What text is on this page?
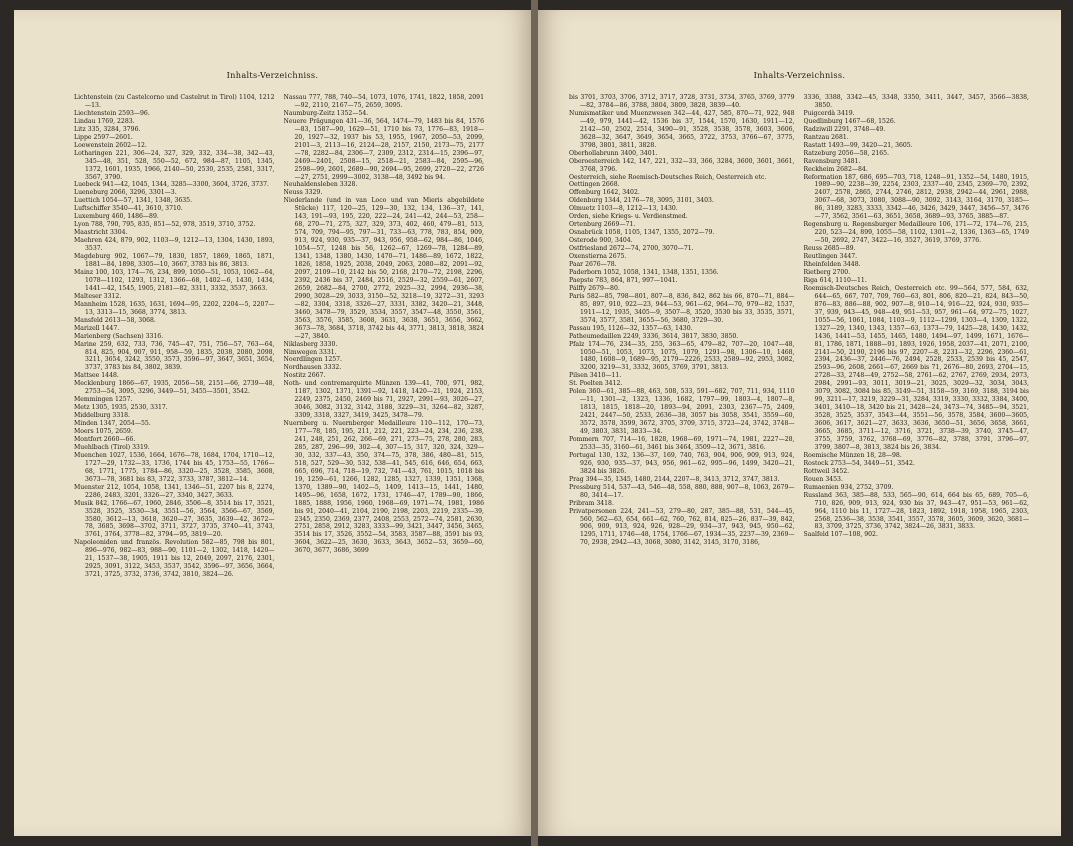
Inhalts-Verzeichniss.

Lichtenstein (zu Castelcorno und Castelrut in Tirol) 1104, 1212—13.

Liechtenstein 2593—96.

Lindau 1769, 2283.

Litz 335, 3284, 3796.

Lippe 2597—2601.

Loewenstein 2602—12.

Lotharingen 221, 306—24, 327, 329, 332, 334—38, 342—43, 345—48, 351, 528, 550—52, 672, 984—87, 1105, 1345, 1372, 1601, 1935, 1966, 2140—50, 2530, 2535, 2581, 3317, 3567, 3790.

Luebeck 941—42, 1045, 1344, 3285—3300, 3604, 3726, 3737.

Lueneburg 2066, 3296, 3301—3.

Luettich 1054—57, 1341, 1348, 3635.

Luftschiffer 3540—41, 3610, 3710.

Luxemburg 460, 1486—89.

Lyon 788, 790, 795, 835, 851—52, 978, 3519, 3710, 3752.

Maastricht 3304.

Maehren 424, 879, 902, 1103—9, 1212—13, 1304, 1430, 1893, 3537.

Magdeburg 902, 1067—79, 1830, 1857, 1869, 1865, 1871, 1881—84, 1898, 3305—10, 3667, 3783 bis 86, 3813.

Mainz 100, 103, 174—76, 234, 899, 1050—51, 1053, 1062—64, 1078—1102, 1293, 1312, 1366—68, 1402—6, 1430, 1434, 1441—42, 1545, 1905, 2181—82, 3311, 3332, 3537, 3663.

Malteser 3312.

Mannheim 1528, 1635, 1631, 1694—95, 2202, 2204—5, 2207—13, 3313—15, 3668, 3774, 3813.

Mansfeld 2613—58, 3068.

Marizell 1447.

Marienberg (Sachsen) 3316.

Marine 259, 632, 733, 736, 745—47, 751, 756—57, 763—64, 814, 825, 904, 907, 911, 958—59, 1835, 2038, 2080, 2098, 3211, 3654, 3242, 3550, 3573, 3596—97, 3647, 3651, 3654, 3737, 3783 bis 84, 3802, 3839.

Mattsee 1448.

Mecklenburg 1866—67, 1935, 2056—58, 2151—66, 2739—48, 2753—54, 3095, 3296, 3449—51, 3455—3501, 3542.

Memmingen 1257.

Metz 1305, 1935, 2530, 3317.

Middelburg 3318.

Minden 1347, 2054—55.

Moers 1075, 2659.

Montfort 2660—66.

Muehlbach (Tirol) 3319.

Muenchen 1027, 1536, 1664, 1676—78, 1684, 1704, 1710—12, 1727—29, 1732—33, 1736, 1744 bis 45, 1753—55, 1766—68, 1771, 1775, 1784—86, 3320—25, 3528, 3585, 3608, 3673—78, 3681 bis 83, 3722, 3733, 3787, 3812—14.

Muenster 212, 1054, 1058, 1341, 1346—51, 2207 bis 8, 2274, 2286, 2483, 3201, 3326—27, 3340, 3427, 3633.

Musik 842, 1766—67, 1960, 2846, 3506—8, 3514 bis 17, 3521, 3528, 3525, 3530—34, 3551—56, 3564, 3566—67, 3569, 3580, 3612—13, 3618, 3620—27, 3635, 3639—42, 3672—78, 3685, 3698—3702, 3711, 3727, 3735, 3740—41, 3743, 3761, 3764, 3778—82, 3794—95, 3819—20.

Napoleoniden und französ. Revolution 582—85, 798 bis 801, 896—976, 982—83, 988—90, 1101—2, 1302, 1418, 1420—21, 1537—38, 1905, 1911 bis 12, 2049, 2097, 2176, 2301, 2925, 3091, 3122, 3453, 3537, 3542, 3596—97, 3656, 3664, 3721, 3725, 3732, 3736, 3742, 3810, 3824—26.

Nassau 777, 788, 740—54, 1073, 1076, 1741, 1822, 1858, 2091—92, 2110, 2167—75, 2659, 3095.

Naumburg-Zeitz 1352—54.

Neuere Prägungen 431—36, 564, 1474—79, 1483 bis 84, 1576—83, 1587—90, 1629—51, 1710 bis 73, 1776—83, 1918—20, 1927—32, 1937 bis 53, 1955, 1967, 2050—53, 2099, 2101—3, 2113—16, 2124—28, 2157, 2150, 2173—75, 2177—78, 2282—84, 2306—7, 2309, 2312, 2314—15, 2396—97, 2469—2401, 2508—15, 2518—21, 2583—84, 2595—96, 2598—99, 2601, 2689—90, 2694—95, 2699, 2720—22, 2726—27, 2751, 2999—3002, 3138—48, 3492 bis 94.

Neuhaldensleben 3328.

Neuss 3329.

Niederlande (und in van Loco und van Mieris abgebildete Stücke) 117, 120—25, 129—30, 132, 134, 136—37, 141, 143, 191—93, 195, 220, 222—24, 241—42, 244—53, 258—68, 270—71, 275, 327, 329, 373, 402, 460, 479—81, 513, 574, 709, 794—95, 797—31, 733—63, 778, 783, 854, 909, 913, 924, 930, 935—37, 943, 956, 958—62, 984—86, 1046, 1054—57, 1248 bis 56, 1262—67, 1269—78, 1284—89, 1341, 1348, 1380, 1430, 1470—71, 1486—89, 1672, 1822, 1826, 1858, 1925, 2038, 2049, 2063, 2080—82, 2091—92, 2097, 2109—10, 2142 bis 50, 2168, 2170—72, 2198, 2296, 2392, 2436 bis 37, 2484, 2516, 2529—32, 2559—61, 2607, 2659, 2682—84, 2700, 2772, 2925—32, 2994, 2936—38, 2990, 3028—29, 3033, 3150—52, 3218—19, 3272—31, 3293—82, 3304, 3318, 3326—27, 3331, 3382, 3420—21, 3448, 3460, 3478—79, 3529, 3534, 3557, 3547—48, 3550, 3561, 3563, 3576, 3585, 3608, 3631, 3638, 3651, 3656, 3662, 3673—78, 3684, 3718, 3742 bis 44, 3771, 3813, 3818, 3824—27, 3840.

Niklasberg 3330.

Nimwegen 3331.

Noerdlingen 1257.

Nordhausen 3332.

Nostitz 2667.

Noth- und contremarquirte Münzen 139—41, 700, 971, 982, 1187, 1302, 1371, 1391—92, 1418, 1420—21, 1924, 2153, 2249, 2375, 2450, 2469 bis 71, 2927, 2991—93, 3026—27, 3046, 3082, 3132, 3142, 3188, 3229—31, 3264—82, 3287, 3309, 3318, 3327, 3419, 3425, 3478—79.

Nuernberg u. Nuernberger Medailleure 110—112, 170—73, 177—78, 185, 195, 211, 212, 221, 223—24, 234, 236, 238, 241, 248, 251, 262, 266—69, 271, 273—75, 278, 280, 283, 285, 287, 296—99, 302—4, 307—15, 317, 320, 324, 329—30, 332, 337—43, 350, 374—75, 378, 386, 480—81, 515, 518, 527, 529—30, 532, 538—41, 545, 616, 646, 654, 663, 665, 696, 714, 718—19, 732, 741—43, 761, 1015, 1018 bis 19, 1259—61, 1266, 1282, 1285, 1327, 1339, 1351, 1368, 1370, 1389—90, 1402—5, 1409, 1413—15, 1441, 1480, 1495—96, 1658, 1672, 1731, 1746—47, 1789—90, 1866, 1885, 1888, 1956, 1960, 1968—69, 1971—74, 1981, 1986 bis 91, 2040—41, 2104, 2190, 2198, 2203, 2219, 2335—39, 2345, 2350, 2369, 2377, 2408, 2553, 2572—74, 2581, 2630, 2751, 2858, 2912, 3283, 3333—99, 3421, 3447, 3456, 3465, 3514 bis 17, 3526, 3552—54, 3583, 3587—88, 3591 bis 93, 3604, 3622—25, 3630, 3633, 3643, 3652—53, 3659—60, 3670, 3677, 3686, 3699

Inhalts-Verzeichniss.

bis 3701, 3703, 3706, 3712, 3717, 3728, 3731, 3734, 3765, 3769, 3779—82, 3784—86, 3788, 3804, 3809, 3828, 3839—40.

Numismatiker und Muenzwesen 342—44, 427, 585, 870—71, 922, 948—49, 979, 1441—42, 1536 bis 37, 1544, 1570, 1630, 1911—12, 2142—50, 2502, 2514, 3490—91, 3528, 3538, 3578, 3603, 3606, 3628—32, 3647, 3649, 3654, 3665, 3722, 3753, 3766—67, 3775, 3798, 3801, 3811, 3828.

Oberhollabrunn 3400, 3401.

Oberoesterreich 142, 147, 221, 332—33, 366, 3284, 3600, 3601, 3661, 3768, 3796.

Oesterreich, siehe Roemisch-Deutsches Reich, Oesterreich etc.

Oettingen 2668.

Offenburg 1642, 3402.

Oldenburg 1344, 2176—78, 3095, 3101, 3403.

Olmuetz 1103—8, 1212—13, 1430.

Orden, siehe Kriegs- u. Verdienstmed.

Ortenburg 2669—71.

Osnabrück 1058, 1105, 1347, 1355, 2072—79.

Osterode 900, 3404.

Ostfriesland 2672—74, 2700, 3070—71.

Oxenstierna 2675.

Paar 2676—78.

Paderborn 1052, 1058, 1341, 1348, 1351, 1356.

Paepste 783, 864, 871, 997—1041.

Pálffy 2679—80.

Paris 582—85, 798—801, 807—8, 836, 842, 862 bis 66, 870—71, 884—85, 897, 910, 922—23, 944—53, 961—62, 964—70, 979—82, 1537, 1911—12, 1935, 3405—9, 3507—8, 3520, 3530 bis 33, 3535, 3571, 3574, 3577, 3581, 3655—56, 3680, 3729—30.

Passau 195, 1126—32, 1357—63, 1430.

Patheumedaillen 2249, 3336, 3614, 3817, 3830, 3850.

Pfalz 174—76, 234—35, 255, 363—65, 479—82, 707—20, 1047—48, 1050—51, 1053, 1073, 1075, 1079, 1291—98, 1306—10, 1468, 1480, 1608—9, 1689—95, 2179—2226, 2533, 2589—92, 2953, 3082, 3200, 3219—31, 3332, 3605, 3769, 3791, 3813.

Pilsen 3410—11.

St. Poelten 3412.

Polen 360—61, 385—88, 463, 508, 533, 591—682, 707, 711, 934, 1110—11, 1301—2, 1323, 1336, 1682, 1797—99, 1803—4, 1807—8, 1813, 1815, 1818—20, 1893—94, 2091, 2303, 2367—75, 2409, 2421, 2447—50, 2533, 2636—38, 3057 bis 3058, 3541, 3559—60, 3572, 3578, 3599, 3672, 3705, 3709, 3715, 3723—24, 3742, 3748—49, 3803, 3831, 3833—34.

Pommern 707, 714—16, 1828, 1968—69, 1971—74, 1981, 2227—28, 2533—35, 3160—61, 3461 bis 3464, 3509—12, 3671, 3816.

Portugal 130, 132, 136—37, 169, 740, 763, 904, 906, 909, 913, 924, 926, 930, 935—37, 943, 956, 961—62, 995—96, 1499, 3420—21, 3824 bis 3826.

Prag 394—35, 1345, 1480, 2144, 2207—8, 3413, 3712, 3747, 3813.

Pressburg 514, 537—43, 546—48, 558, 880, 888, 907—8, 1063, 2679—80, 3414—17.

Pribram 3418.

Privatpersonen 224, 241—53, 279—80, 287, 385—88, 531, 544—45, 560, 562—63, 654, 661—62, 760, 762, 814, 825—26, 837—39, 842, 906, 909, 913, 924, 926, 928—29, 934—37, 943, 945, 950—62, 1295, 1711, 1746—48, 1754, 1766—67, 1934—35, 2237—39, 2369—70, 2938, 2942—43, 3068, 3080, 3142, 3145, 3170, 3186,

3336, 3388, 3342—45, 3348, 3350, 3411, 3447, 3457, 3566—3838, 3850.

Puigcerdà 3419.

Quedlinburg 1467—68, 1526.

Radziwill 2291, 3748—49.

Rantzau 2681.

Rastatt 1493—99, 3420—21, 3605.

Ratzeburg 2056—58, 2165.

Ravensburg 3481.

Reckheim 2682—84.

Reformation 187, 686, 695—703, 718, 1248—91, 1352—54, 1480, 1915, 1989—90, 2238—39, 2254, 2303, 2337—40, 2345, 2369—70, 2392, 2407, 2578, 2865, 2744, 2746, 2812, 2938, 2942—44, 2961, 2988, 3067—68, 3073, 3080, 3088—90, 3092, 3143, 3164, 3170, 3185—86, 3189, 3283, 3333, 3342—46, 3426, 3429, 3447, 3456—57, 3476—77, 3562, 3561—63, 3651, 3658, 3689—93, 3765, 3885—87.

Regensburg u. Regensburger Medailleure 106, 171—72, 174—76, 215, 220, 523—24, 899, 1055—58, 1102, 1301—2, 1336, 1363—65, 1749—50, 2692, 2747, 3422—16, 3527, 3619, 3769, 3776.

Reuss 2685—89.

Reutlingen 3447.

Rheinfelden 3448.

Rietberg 2700.

Riga 614, 1110—11.

Roemisch-Deutsches Reich, Oesterreich etc. 99—564, 577, 584, 632, 644—65, 667, 707, 709, 760—63, 801, 806, 820—21, 824, 843—50, 876—83, 886—88, 902, 907—8, 910—14, 916—22, 924, 930, 935—37, 939, 943—45, 948—49, 951—53, 957, 961—64, 972—75, 1027, 1055—56, 1061, 1084, 1103—9, 1112—1299, 1303—4, 1309, 1322, 1327—29, 1340, 1343, 1357—63, 1373—79, 1425—28, 1430, 1432, 1436, 1441—53, 1455, 1465, 1480, 1494—97, 1499, 1671, 1676—81, 1786, 1871, 1888—91, 1893, 1926, 1958, 2037—41, 2071, 2100, 2141—50, 2190, 2196 bis 97, 2207—8, 2231—32, 2296, 2360—61, 2394, 2436—37, 2446—76, 2494, 2528, 2533, 2539 bis 45, 2547, 2593—96, 2608, 2661—67, 2669 bis 71, 2676—80, 2693, 2704—15, 2728—33, 2748—49, 2752—58, 2761—62, 2767, 2769, 2934, 2973, 2984, 2991—93, 3011, 3019—21, 3025, 3029—32, 3034, 3043, 3079, 3082, 3084 bis 85, 3149—51, 3158—59, 3169, 3188, 3194 bis 99, 3211—17, 3219, 3229—31, 3284, 3319, 3330, 3332, 3384, 3400, 3401, 3410—18, 3420 bis 21, 3428—24, 3473—74, 3485—94, 3521, 3528, 3525, 3537, 3543—44, 3551—56, 3578, 3584, 3600—3605, 3606, 3617, 3621—27, 3633, 3636, 3650—51, 3656, 3658, 3661, 3665, 3685, 3711—12, 3716, 3721, 3738—39, 3740, 3745—47, 3755, 3759, 3762, 3768—69, 3776—82, 3788, 3791, 3796—97, 3799, 3807—8, 3813, 3824 bis 26, 3834.

Roemische Münzen 18, 28—98.

Rostock 2753—54, 3449—51, 3542.

Rottweil 3452.

Rouen 3453.

Rumaenien 934, 2752, 3709.

Russland 363, 385—88, 533, 565—90, 614, 664 bis 65, 689, 705—6, 710, 826, 909, 913, 924, 930 bis 37, 943—47, 951—53, 961—62, 964, 1110 bis 11, 1727—28, 1823, 1892, 1918, 1958, 1965, 2303, 2568, 2536—38, 3538, 3541, 3557, 3578, 3605, 3609, 3620, 3681—83, 3709, 3725, 3736, 3742, 3824—26, 3831, 3833.

Saalfeld 107—108, 902.
